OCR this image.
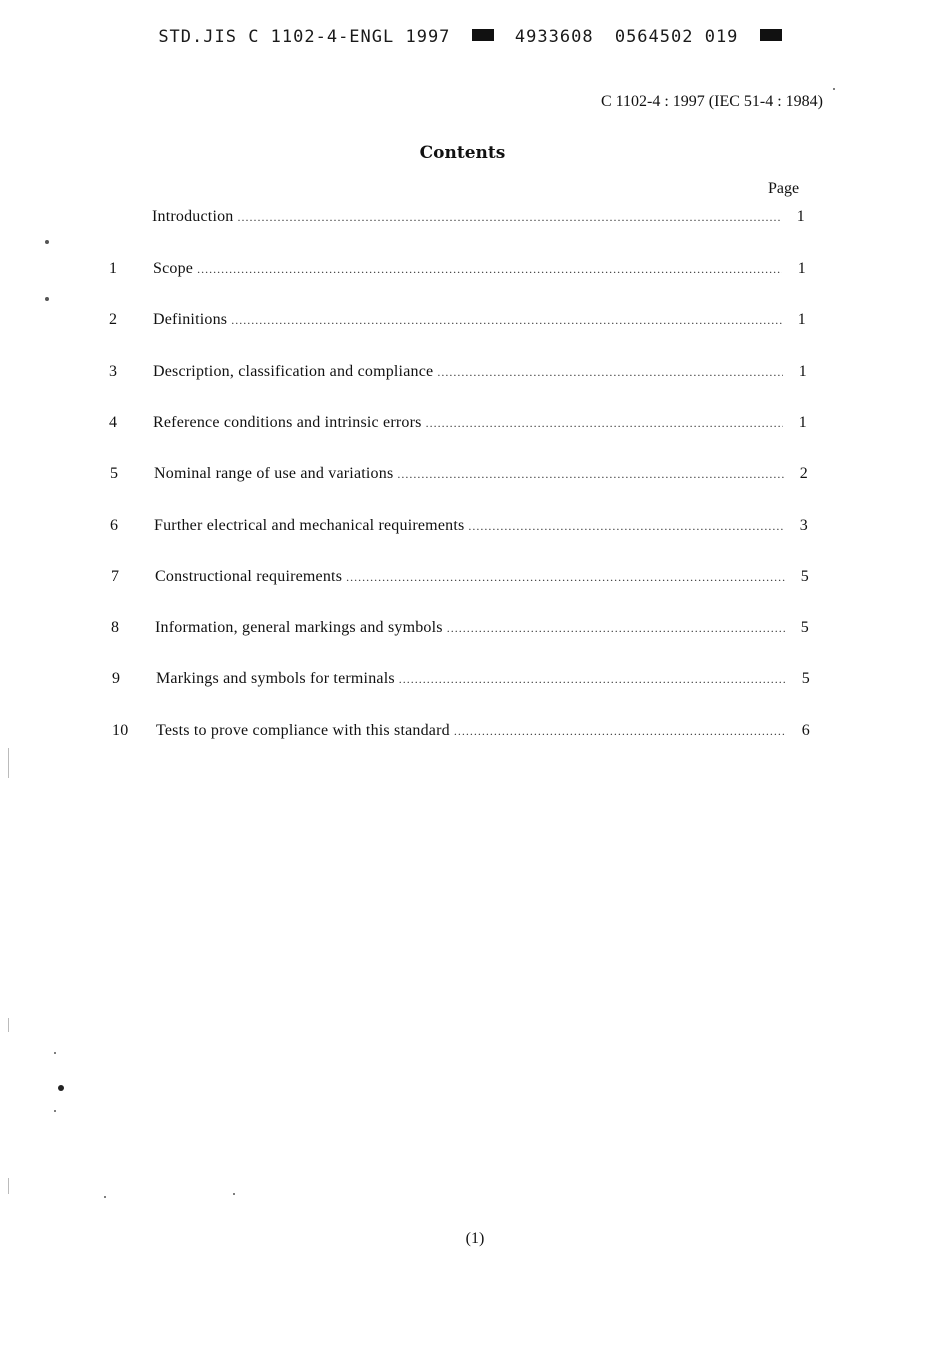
STD.JIS C 1102-4-ENGL 1997	4933608 0564502 019
C 1102-4 : 1997 (IEC 51-4 : 1984)
Contents
Page
Introduction .....	1
1	Scope .....	1
2	Definitions .....	1
3	Description, classification and compliance .....	1
4	Reference conditions and intrinsic errors .....	1
5	Nominal range of use and variations .....	2
6	Further electrical and mechanical requirements .....	3
7	Constructional requirements .....	5
8	Information, general markings and symbols .....	5
9	Markings and symbols for terminals .....	5
10	Tests to prove compliance with this standard .....	6
(1)
